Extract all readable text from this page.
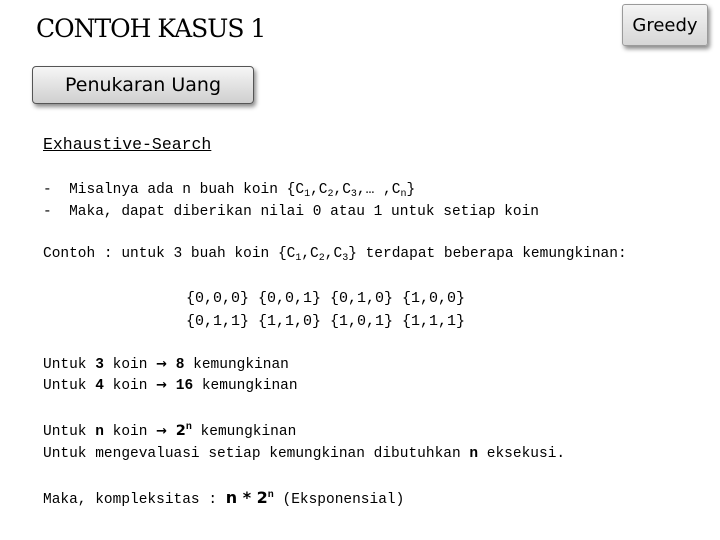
CONTOH KASUS 1	Greedy
Penukaran Uang
Exhaustive-Search
- Misalnya ada n buah koin {$C_1,C_2,C_3,\dots$ $,C_n$}
- Maka, dapat diberikan nilai 0 atau 1 untuk setiap koin
Contoh : untuk 3 buah koin $\{C_1,C_2,C_3\}$ terdapat beberapa kemungkinan:
{0,0,0} {0,0,1} {0,1,0} {1,0,0}
{0,1,1} {1,1,0} {1,0,1} {1,1,1}
Untuk 3 koin → 8 kemungkinan
Untuk 4 koin → 16 kemungkinan
Untuk n koin → $2^n$ kemungkinan
Untuk mengevaluasi setiap kemungkinan dibutuhkan n eksekusi.
Maka, kompleksitas : n * 2$^n$ (Eksponensial)
